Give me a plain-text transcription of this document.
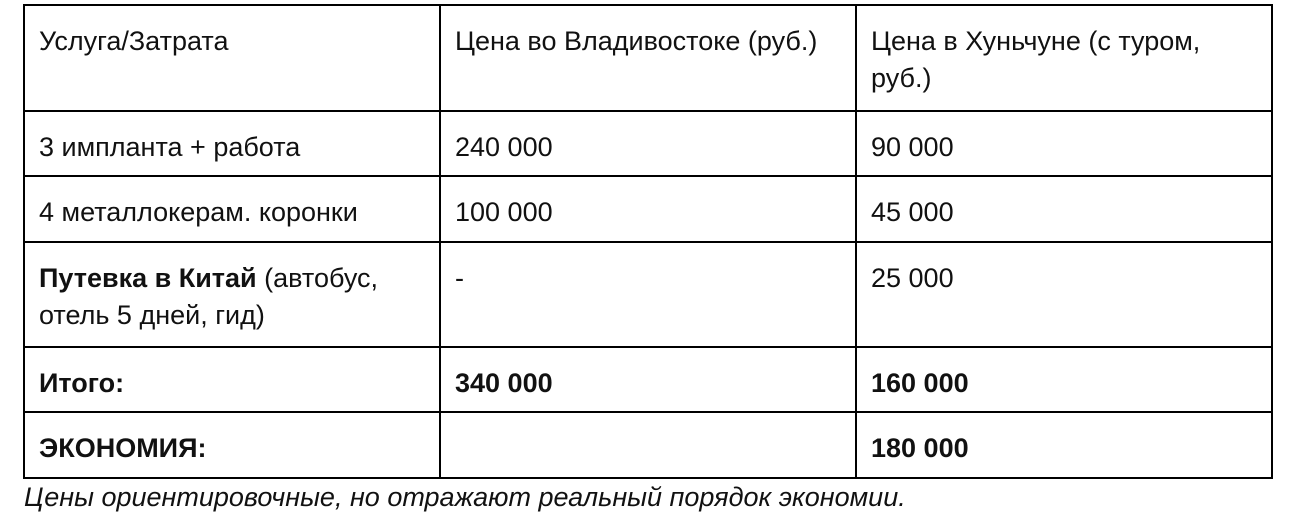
Услуга/Затрата	Цена во Владивостоке (руб.)	Цена в Хуньчуне (с туром, руб.)
3 импланта + работа	240 000	90 000
4 металлокерам. коронки	100 000	45 000
Путевка в Китай (автобус, отель 5 дней, гид)	-	25 000
Итого:	340 000	160 000
ЭКОНОМИЯ:		180 000
Цены ориентировочные, но отражают реальный порядок экономии.
